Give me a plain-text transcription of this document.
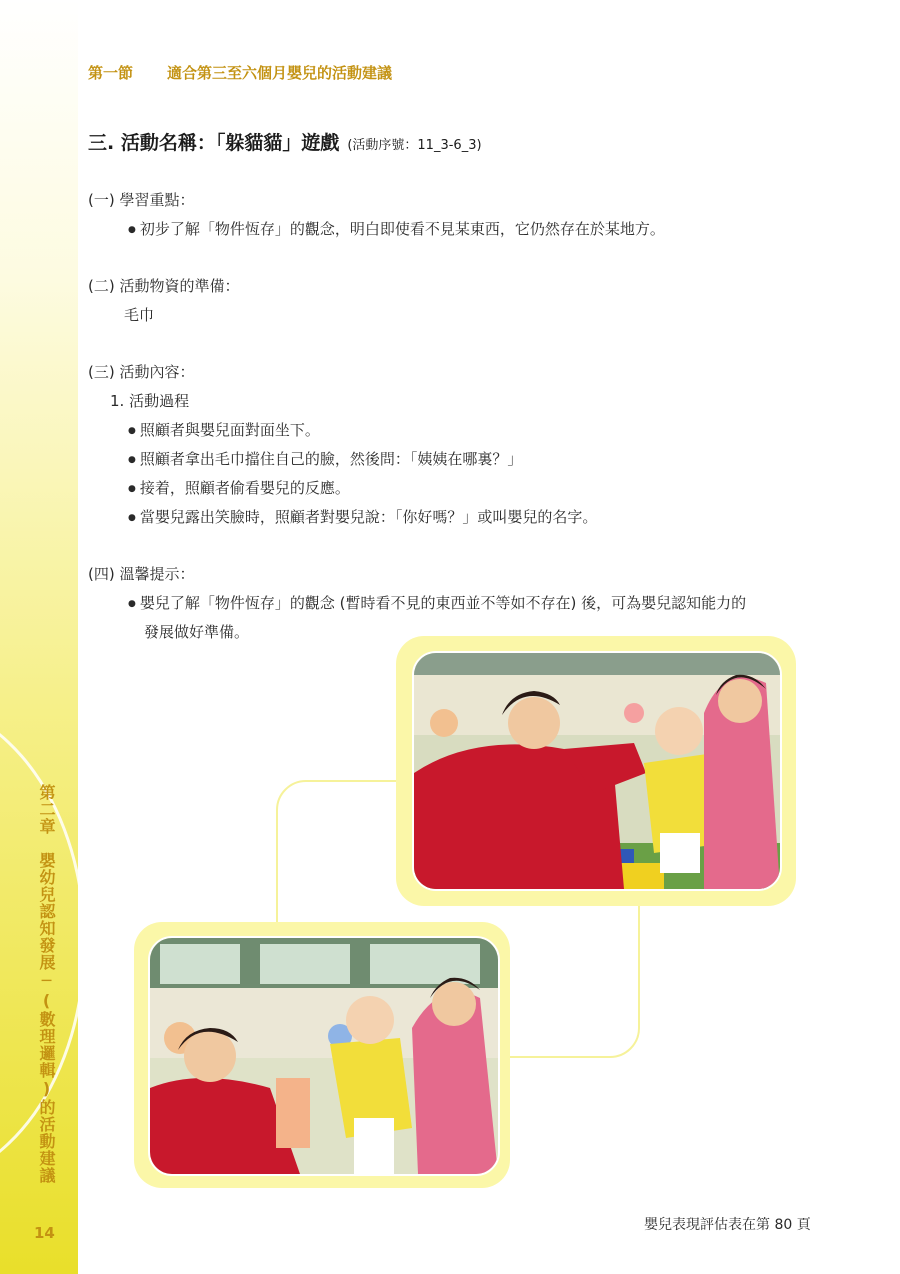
第二章　嬰幼兒認知發展─(數理邏輯)的活動建議
14
第一節 適合第三至六個月嬰兒的活動建議
三. 活動名稱：「躲貓貓」遊戲 (活動序號：11_3-6_3)
(一) 學習重點：
● 初步了解「物件恆存」的觀念，明白即使看不見某東西，它仍然存在於某地方。
(二) 活動物資的準備：
毛巾
(三) 活動內容：
1. 活動過程
● 照顧者與嬰兒面對面坐下。
● 照顧者拿出毛巾擋住自己的臉，然後問：「姨姨在哪裏？」
● 接着，照顧者偷看嬰兒的反應。
● 當嬰兒露出笑臉時，照顧者對嬰兒說：「你好嗎？」或叫嬰兒的名字。
(四) 溫馨提示：
● 嬰兒了解「物件恆存」的觀念 (暫時看不見的東西並不等如不存在) 後，可為嬰兒認知能力的
發展做好準備。
嬰兒表現評估表在第 80 頁
